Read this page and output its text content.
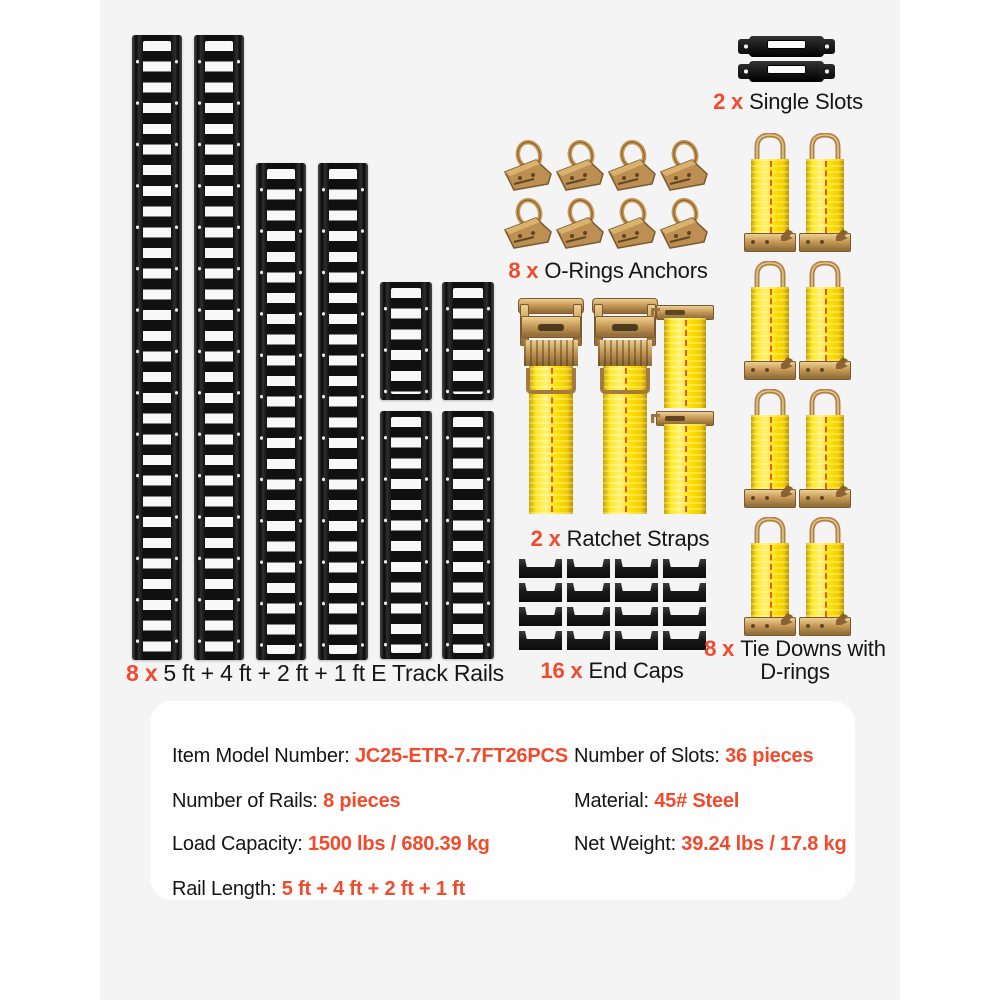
8 x 5 ft + 4 ft + 2 ft + 1 ft E Track Rails
2 x Single Slots
8 x O-Rings Anchors
2 x Ratchet Straps
16 x End Caps
8 x Tie Downs with
D-rings
Item Model Number: JC25-ETR-7.7FT26PCS
Number of Rails: 8 pieces
Load Capacity: 1500 lbs / 680.39 kg
Rail Length: 5 ft + 4 ft + 2 ft + 1 ft
Number of Slots: 36 pieces
Material: 45# Steel
Net Weight: 39.24 lbs / 17.8 kg
